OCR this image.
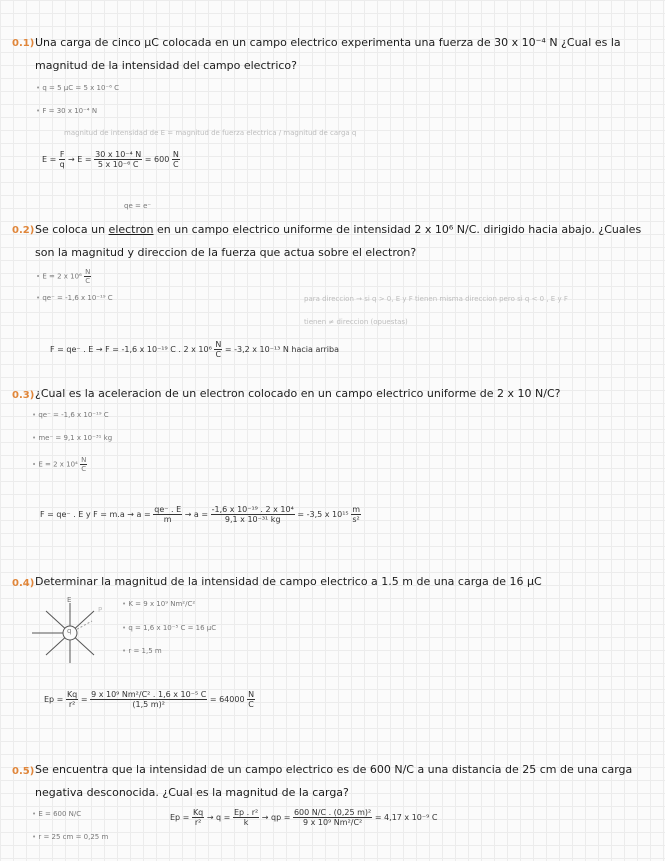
0.1) Una carga de cinco μC colocada en un campo electrico experimenta una fuerza de 30 x 10⁻⁴ N ¿Cual es la
magnitud de la intensidad del campo electrico?
• q = 5 μC = 5 x 10⁻⁶ C
• F = 30 x 10⁻⁴ N
magnitud de intensidad de E = magnitud de fuerza electrica / magnitud de carga q
$E = \frac{F}{q} \to E = \frac{\text{30 x 10⁻⁴ N}}{\text{5 x 10⁻⁶ C}} = 600 \frac{N}{C}$
qe = e⁻
0.2) Se coloca un electron en un campo electrico uniforme de intensidad 2 x 10⁶ N/C. dirigido hacia abajo. ¿Cuales
son la magnitud y direccion de la fuerza que actua sobre el electron?
• E = 2 x $10^6 \frac{N}{C}$
• qe⁻ = -1,6 x 10⁻¹⁹ C	para direccion → si q > 0, E y F tienen misma direccion pero si q < 0 , E y F
tienen ≠ direccion (opuestas)
F = qe⁻ . E → F = -1,6 x 10⁻¹⁹ C . 2 x $10^6 \frac{N}{C} = -3,2$ x 10⁻¹³ N hacia arriba
0.3) ¿Cual es la aceleracion de un electron colocado en un campo electrico uniforme de 2 x 10 N/C?
• qe⁻ = -1,6 x 10⁻¹⁹ C
• me⁻ = 9,1 x 10⁻³¹ kg
• E = 2 x $10^4 \frac{N}{C}$
F = qe⁻ . E y $F = m.a \to a = \frac{qe^- . E}{m} \to a = \frac{\text{-1,6 x 10⁻¹⁹ . 2 x 10⁴}}{\text{9,1 x 10⁻³¹ kg}} = -3,5$ x $10^{15} \frac{m}{\text{s²}}$
0.4) Determinar la magnitud de la intensidad de campo electrico a 1.5 m de una carga de 16 μC
E
P
q
• K = 9 x 10⁹ Nm²/C²
• q = 1,6 x 10⁻⁵ C = 16 μC
• r = 1,5 m
$Ep = \frac{Kq}{\text{r²}} = \frac{\text{9 x 10⁹ Nm²/C² . 1,6 x 10⁻⁵ C}}{\text{(1,5 m)²}} = 64000 \frac{N}{C}$
0.5) Se encuentra que la intensidad de un campo electrico es de 600 N/C a una distancia de 25 cm de una carga
negativa desconocida. ¿Cual es la magnitud de la carga?
• E = 600 N/C
• r = 25 cm = 0,25 m
$Ep = \frac{Kq}{\text{r²}} \to q = \frac{\text{Ep . r²}}{k}$ → qp = $\frac{\text{600 N/C . (0,25 m)²}}{\text{9 x 10⁹ Nm²/C²}} = 4,17$ x 10⁻⁹ C
